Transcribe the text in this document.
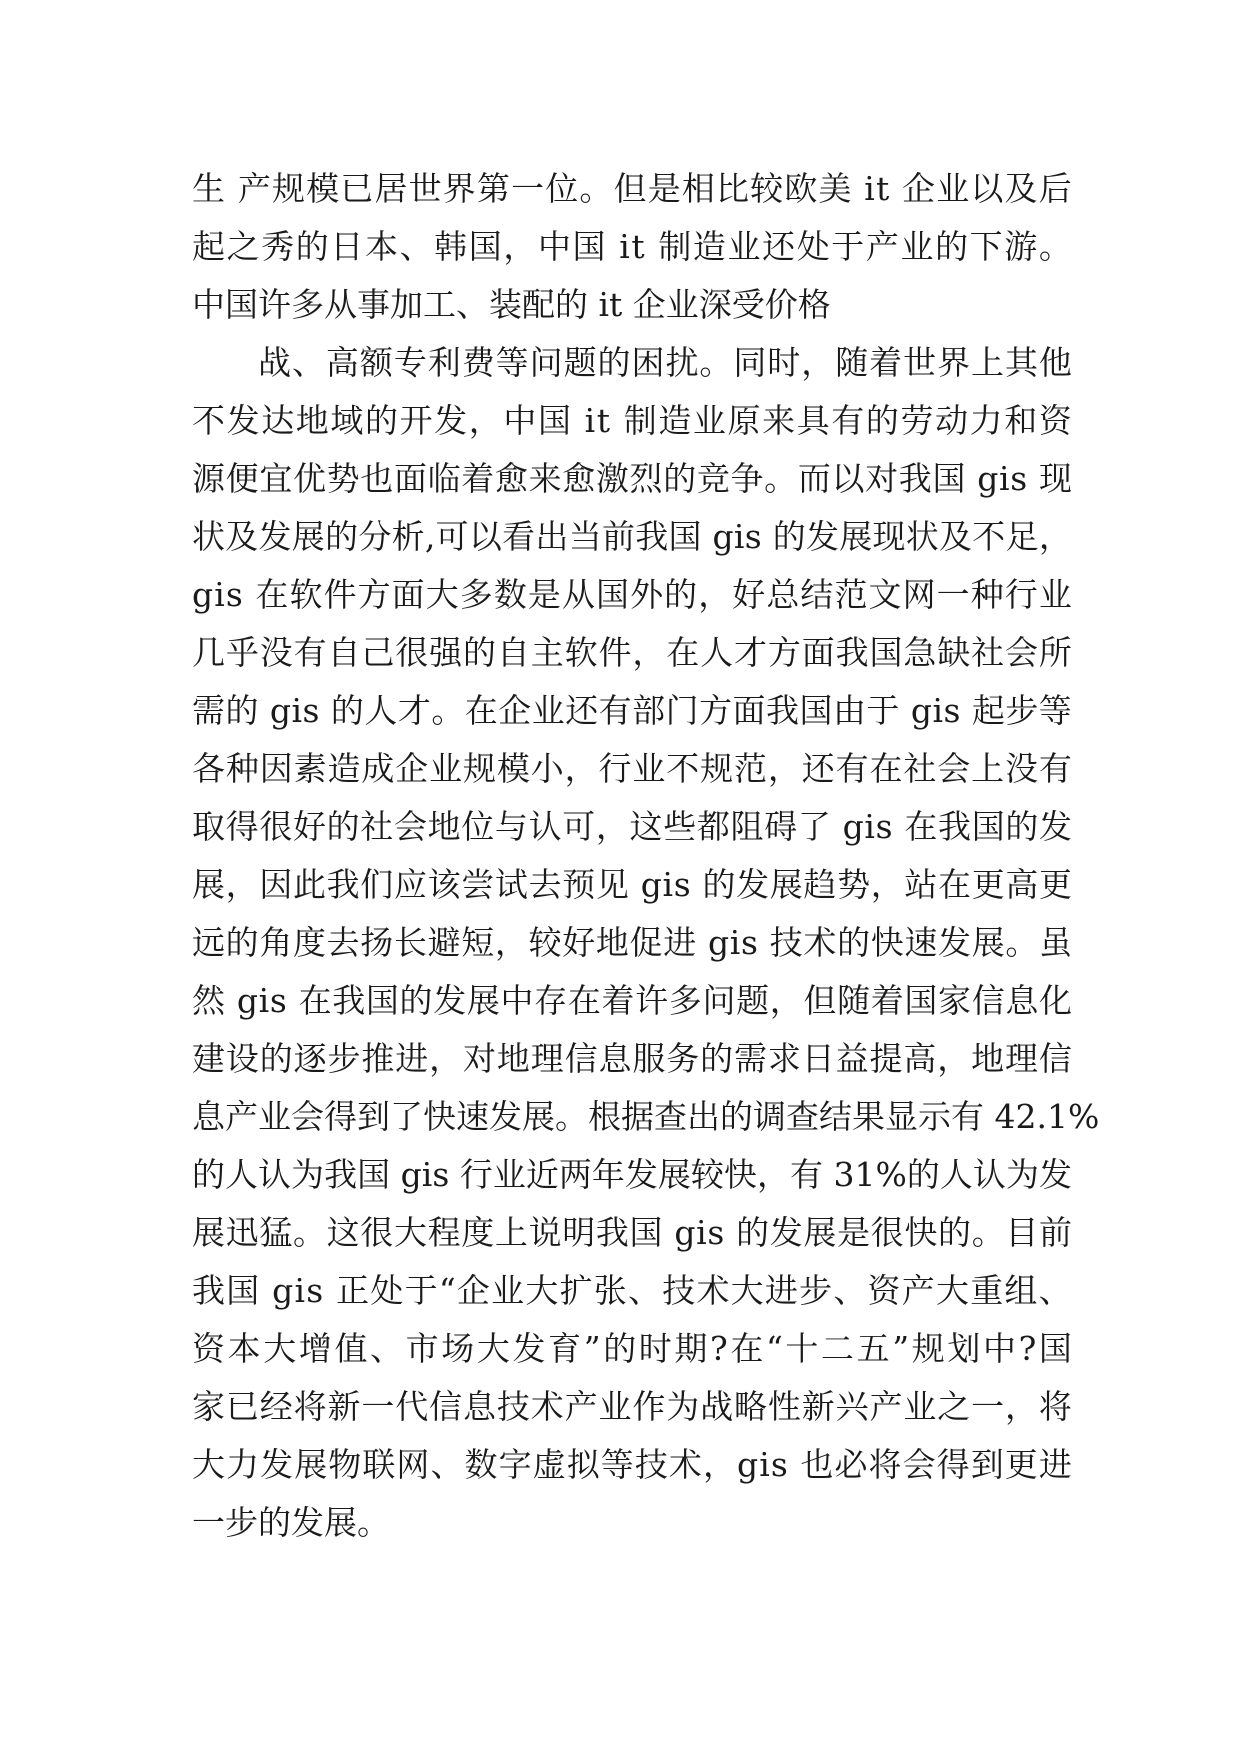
生
产 规 模 已 居 世 界 第 一 位 。 但 是 相 比 较 欧 美
i t
企 业 以 及 后
起 之 秀 的 日 本 、 韩 国 ， 中 国
i t
制 造 业 还 处 于 产 业 的 下 游 。
中国许多从事加工、装配的 it 企业深受价格
战 、 高 额 专 利 费 等 问 题 的 困 扰 。 同 时 ， 随 着 世 界 上 其 他
不 发 达 地 域 的 开 发 ， 中 国
i t
制 造 业 原 来 具 有 的 劳 动 力 和 资
源 便 宜 优 势 也 面 临 着 愈 来 愈 激 烈 的 竞 争 。 而 以 对 我 国
g i s
现
状 及 发 展 的 分 析 , 可 以 看 出 当 前 我 国
g i s
的 发 展 现 状 及 不 足 ，
g i s
在 软 件 方 面 大 多 数 是 从 国 外 的 ， 好 总 结 范 文 网 一 种 行 业
几 乎 没 有 自 己 很 强 的 自 主 软 件 ， 在 人 才 方 面 我 国 急 缺 社 会 所
需 的
g i s
的 人 才 。 在 企 业 还 有 部 门 方 面 我 国 由 于
g i s
起 步 等
各 种 因 素 造 成 企 业 规 模 小 ， 行 业 不 规 范 ， 还 有 在 社 会 上 没 有
取 得 很 好 的 社 会 地 位 与 认 可 ， 这 些 都 阻 碍 了
g i s
在 我 国 的 发
展 ， 因 此 我 们 应 该 尝 试 去 预 见
g i s
的 发 展 趋 势 ， 站 在 更 高 更
远 的 角 度 去 扬 长 避 短 ， 较 好 地 促 进
g i s
技 术 的 快 速 发 展 。 虽
然
g i s
在 我 国 的 发 展 中 存 在 着 许 多 问 题 ， 但 随 着 国 家 信 息 化
建 设 的 逐 步 推 进 ， 对 地 理 信 息 服 务 的 需 求 日 益 提 高 ， 地 理 信
息 产 业 会 得 到 了 快 速 发 展 。 根 据 查 出 的 调 查 结 果 显 示 有
4 2 . 1 %
的 人 认 为 我 国
g i s
行 业 近 两 年 发 展 较 快 ， 有
3 1 % 的 人 认 为 发
展 迅 猛 。 这 很 大 程 度 上 说 明 我 国
g i s
的 发 展 是 很 快 的 。 目 前
我 国
g i s
正 处 于 “ 企 业 大 扩 张 、 技 术 大 进 步 、 资 产 大 重 组 、
资 本 大 增 值 、 市 场 大 发 育 ” 的 时 期 ? 在 “ 十 二 五 ” 规 划 中 ? 国
家 已 经 将 新 一 代 信 息 技 术 产 业 作 为 战 略 性 新 兴 产 业 之 一 ， 将
大 力 发 展 物 联 网 、 数 字 虚 拟 等 技 术 ， g i s
也 必 将 会 得 到 更 进
一步的发展。
